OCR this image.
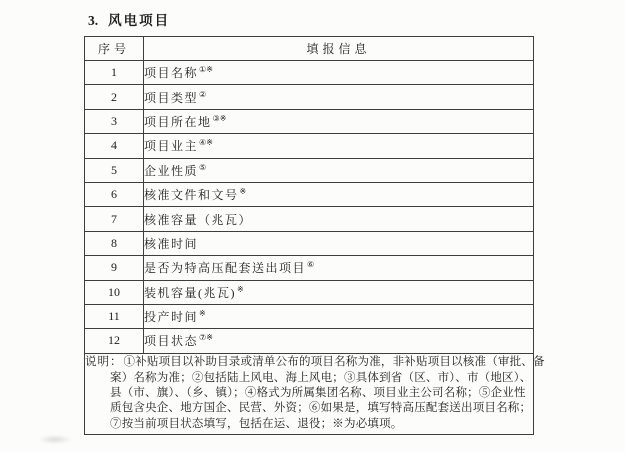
3. 风电项目
序号	填报信息
1	项目名称①※
2	项目类型②
3	项目所在地③※
4	项目业主④※
5	企业性质⑤
6	核准文件和文号※
7	核准容量（兆瓦）
8	核准时间
9	是否为特高压配套送出项目⑥
10	装机容量(兆瓦)※
11	投产时间※
12	项目状态⑦※

说明：①补贴项目以补助目录或清单公布的项目名称为准，非补贴项目以核准（审批、备
案）名称为准；②包括陆上风电、海上风电；③具体到省（区、市）、市（地区）、
县（市、旗）、（乡、镇）；④格式为所属集团名称、项目业主公司名称；⑤企业性
质包含央企、地方国企、民营、外资；⑥如果是，填写特高压配套送出项目名称；
⑦按当前项目状态填写，包括在运、退役；※为必填项。	
